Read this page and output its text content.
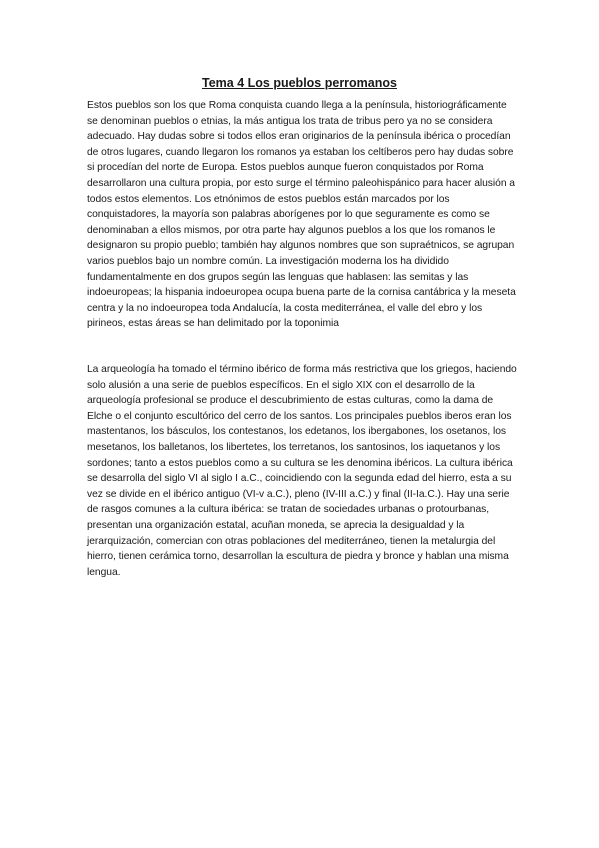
Tema 4 Los pueblos perromanos

Estos pueblos son los que Roma conquista cuando llega a la península, historiográficamente se denominan pueblos o etnias, la más antigua los trata de tribus pero ya no se considera adecuado. Hay dudas sobre si todos ellos eran originarios de la península ibérica o procedían de otros lugares, cuando llegaron los romanos ya estaban los celtíberos pero hay dudas sobre si procedían del norte de Europa. Estos pueblos aunque fueron conquistados por Roma desarrollaron una cultura propia, por esto surge el término paleohispánico para hacer alusión a todos estos elementos. Los etnónimos de estos pueblos están marcados por los conquistadores, la mayoría son palabras aborígenes por lo que seguramente es como se denominaban a ellos mismos, por otra parte hay algunos pueblos a los que los romanos le designaron su propio pueblo; también hay algunos nombres que son supraétnicos, se agrupan varios pueblos bajo un nombre común. La investigación moderna los ha dividido fundamentalmente en dos grupos según las lenguas que hablasen: las semitas y las indoeuropeas; la hispania indoeuropea ocupa buena parte de la cornisa cantábrica y la meseta centra y la no indoeuropea toda Andalucía, la costa mediterránea, el valle del ebro y los pirineos, estas áreas se han delimitado por la toponimia

La arqueología ha tomado el término ibérico de forma más restrictiva que los griegos, haciendo solo alusión a una serie de pueblos específicos. En el siglo XIX con el desarrollo de la arqueología profesional se produce el descubrimiento de estas culturas, como la dama de Elche o el conjunto escultórico del cerro de los santos. Los principales pueblos iberos eran los mastentanos, los básculos, los contestanos, los edetanos, los ibergabones, los osetanos, los mesetanos, los balletanos, los libertetes, los terretanos, los santosinos, los iaquetanos y los sordones; tanto a estos pueblos como a su cultura se les denomina ibéricos. La cultura ibérica se desarrolla del siglo VI al siglo I a.C., coincidiendo con la segunda edad del hierro, esta a su vez se divide en el ibérico antiguo (VI-v a.C.), pleno (IV-III a.C.) y final (II-Ia.C.). Hay una serie de rasgos comunes a la cultura ibérica: se tratan de sociedades urbanas o protourbanas, presentan una organización estatal, acuñan moneda, se aprecia la desigualdad y la jerarquización, comercian con otras poblaciones del mediterráneo, tienen la metalurgia del hierro, tienen cerámica torno, desarrollan la escultura de piedra y bronce y hablan una misma lengua.
